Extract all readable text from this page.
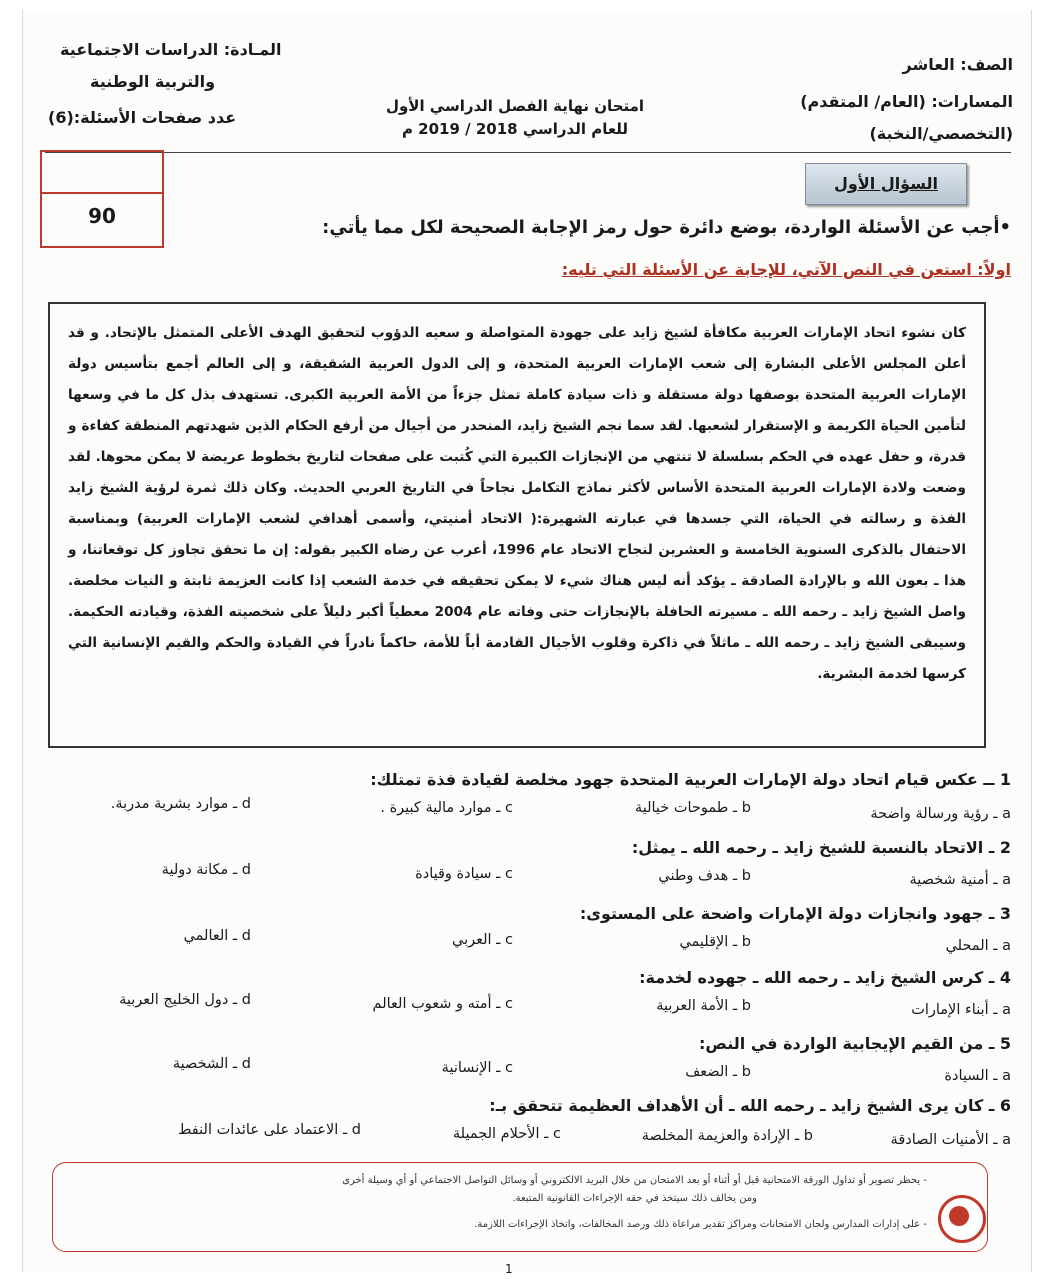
الصف: العاشر
المسارات: (العام/ المتقدم)
(التخصصي/النخبة)
امتحان نهاية الفصل الدراسي الأول
للعام الدراسي 2018 / 2019 م
المـادة: الدراسات الاجتماعية
والتربية الوطنية
عدد صفحات الأسئلة:(6)
90
السؤال الأول
•أجب عن الأسئلة الواردة، بوضع دائرة حول رمز الإجابة الصحيحة لكل مما يأتي:
اولاً: استعن في النص الآتي، للإجابة عن الأسئلة التي تليه:
كان نشوء اتحاد الإمارات العربية مكافأة لشيخ زايد على جهودة المتواصلة و سعيه الدؤوب لتحقيق الهدف الأعلى المتمثل بالإتحاد. و قد أعلن المجلس الأعلى البشارة إلى شعب الإمارات العربية المتحدة، و إلى الدول العربية الشقيقة، و إلى العالم أجمع بتأسيس دولة الإمارات العربية المتحدة بوصفها دولة مستقلة و ذات سيادة كاملة تمثل جزءاً من الأمة العربية الكبرى. تستهدف بذل كل ما في وسعها لتأمين الحياة الكريمة و الإستقرار لشعبها. لقد سما نجم الشيخ زايد، المنحدر من أجيال من أرفع الحكام الذين شهدتهم المنطقة كفاءة و قدرة، و حفل عهده في الحكم بسلسلة لا تنتهي من الإنجازات الكبيرة التي كُتبت على صفحات لتاريخ بخطوط عريضة لا يمكن محوها. لقد وضعت ولادة الإمارات العربية المتحدة الأساس لأكثر نماذج التكامل نجاحاً في التاريخ العربي الحديث. وكان ذلك ثمرة لرؤية الشيخ زايد الفذة و رسالته في الحياة، التي جسدها في عبارته الشهيرة:( الاتحاد أمنيتي، وأسمى أهدافي لشعب الإمارات العربية) وبمناسبة الاحتفال بالذكرى السنوية الخامسة و العشرين لنجاح الاتحاد عام 1996، أعرب عن رضاه الكبير بقوله: إن ما تحقق تجاوز كل توقعاتنا، و هذا ـ بعون الله و بالإرادة الصادقة ـ يؤكد أنه ليس هناك شيء لا يمكن تحقيقه في خدمة الشعب إذا كانت العزيمة ثابتة و النيات مخلصة. واصل الشيخ زايد ـ رحمه الله ـ مسيرته الحافلة بالإنجازات حتى وفاته عام 2004 معطياً أكبر دليلاً على شخصيته الفذة، وقيادته الحكيمة. وسيبقى الشيخ زايد ـ رحمه الله ـ ماثلاً في ذاكرة وقلوب الأجيال القادمة أباً للأمة، حاكماً نادراً في القيادة والحكم والقيم الإنسانية التي كرسها لخدمة البشرية.
1 ــ عكس قيام اتحاد دولة الإمارات العربية المتحدة جهود مخلصة لقيادة فذة تمتلك:
a ـ رؤية ورسالة واضحة
b ـ طموحات خيالية
c ـ موارد مالية كبيرة .
d ـ موارد بشرية مدربة.
2 ـ الاتحاد بالنسبة للشيخ زايد ـ رحمه الله ـ يمثل:
a ـ أمنية شخصية
b ـ هدف وطني
c ـ سيادة وقيادة
d ـ مكانة دولية
3 ـ جهود وانجازات دولة الإمارات واضحة على المستوى:
a ـ المحلي
b ـ الإقليمي
c ـ العربي
d ـ العالمي
4 ـ كرس الشيخ زايد ـ رحمه الله ـ جهوده لخدمة:
a ـ أبناء الإمارات
b ـ الأمة العربية
c ـ أمته و شعوب العالم
d ـ دول الخليج العربية
5 ـ من القيم الإيجابية الواردة في النص:
a ـ السيادة
b ـ الضعف
c ـ الإنسانية
d ـ الشخصية
6 ـ كان يرى الشيخ زايد ـ رحمه الله ـ أن الأهداف العظيمة تتحقق بـ:
a ـ الأمنيات الصادقة
b ـ الإرادة والعزيمة المخلصة
c ـ الأحلام الجميلة
d ـ الاعتماد على عائدات النفط
- يحظر تصوير أو تداول الورقة الامتحانية قبل أو أثناء أو بعد الامتحان من خلال البريد الالكتروني أو وسائل التواصل الاجتماعي أو أي وسيلة أخرى
ومن يخالف ذلك سيتخذ في حقه الإجراءات القانونية المتبعة.
- على إدارات المدارس ولجان الامتحانات ومراكز تقدير مراعاة ذلك ورصد المخالفات، واتخاذ الإجراءات اللازمة.
1
